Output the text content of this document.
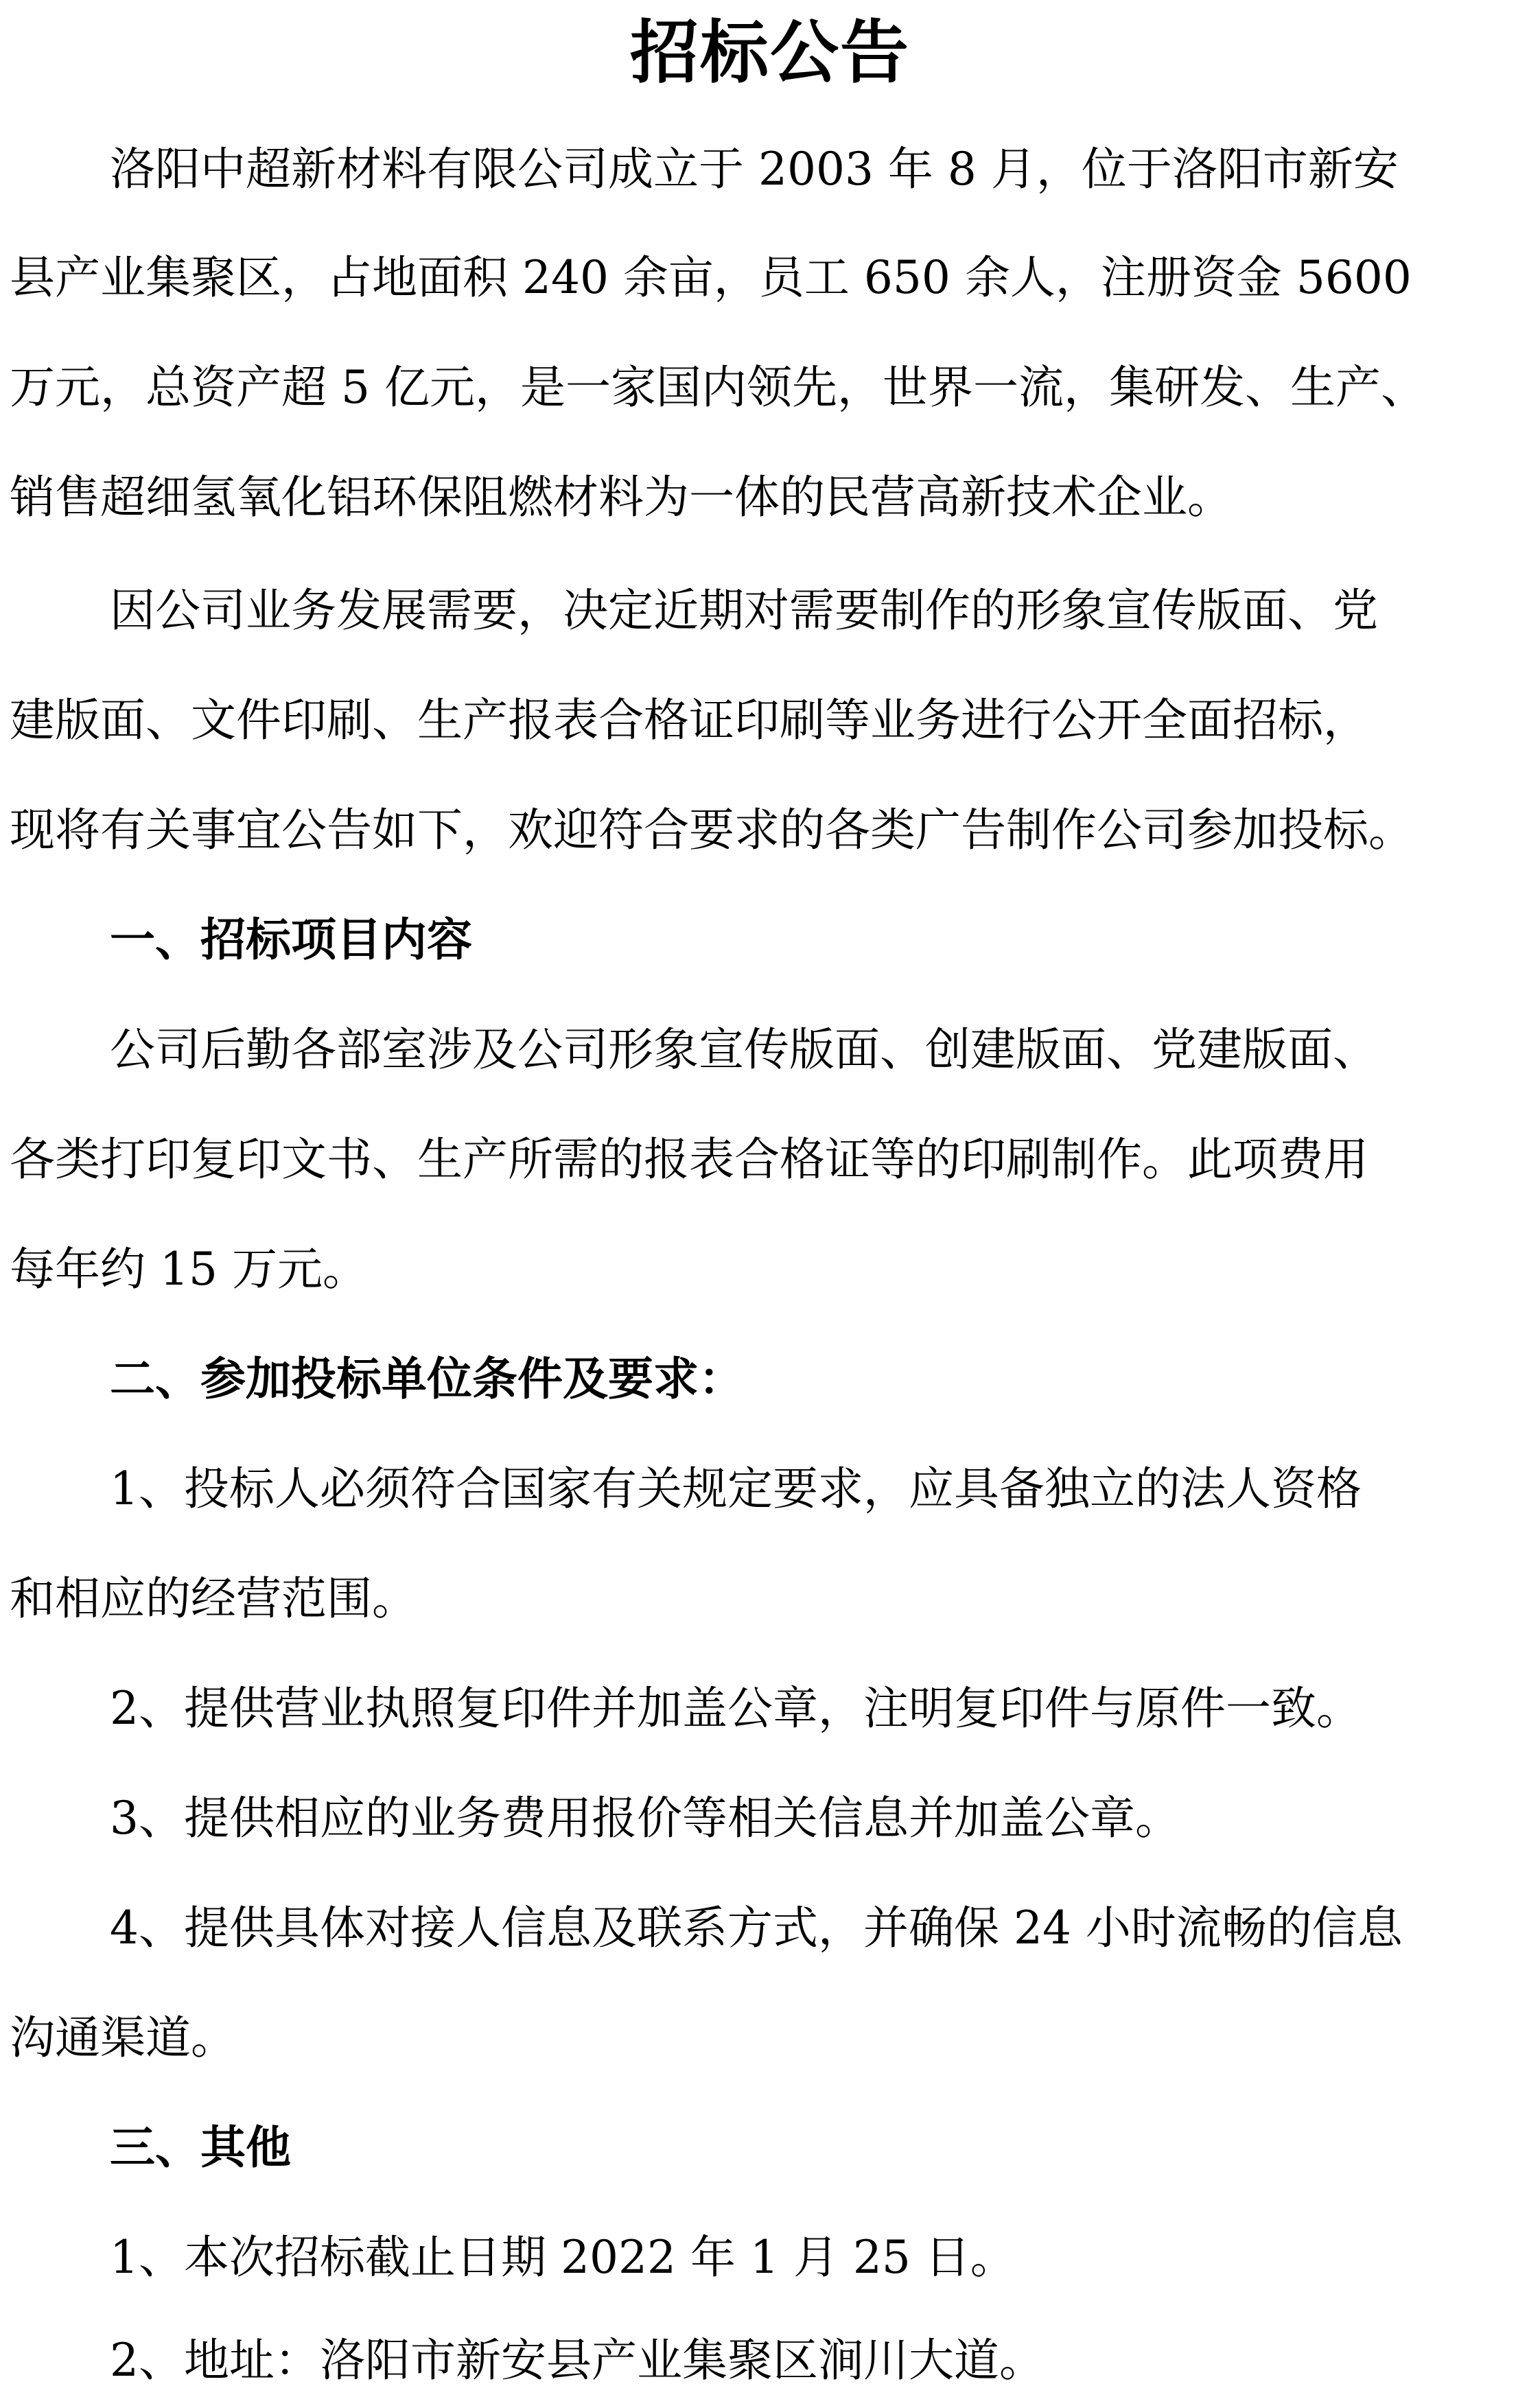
招标公告
洛阳中超新材料有限公司成立于 2003 年 8 月，位于洛阳市新安
县产业集聚区，占地面积 240 余亩，员工 650 余人，注册资金 5600
万元，总资产超 5 亿元，是一家国内领先，世界一流，集研发、生产、
销售超细氢氧化铝环保阻燃材料为一体的民营高新技术企业。
因公司业务发展需要，决定近期对需要制作的形象宣传版面、党
建版面、文件印刷、生产报表合格证印刷等业务进行公开全面招标，
现将有关事宜公告如下，欢迎符合要求的各类广告制作公司参加投标。
一、招标项目内容
公司后勤各部室涉及公司形象宣传版面、创建版面、党建版面、
各类打印复印文书、生产所需的报表合格证等的印刷制作。此项费用
每年约 15 万元。
二、参加投标单位条件及要求：
1、投标人必须符合国家有关规定要求，应具备独立的法人资格
和相应的经营范围。
2、提供营业执照复印件并加盖公章，注明复印件与原件一致。
3、提供相应的业务费用报价等相关信息并加盖公章。
4、提供具体对接人信息及联系方式，并确保 24 小时流畅的信息
沟通渠道。
三、其他
1、本次招标截止日期 2022 年 1 月 25 日。
2、地址：洛阳市新安县产业集聚区涧川大道。
